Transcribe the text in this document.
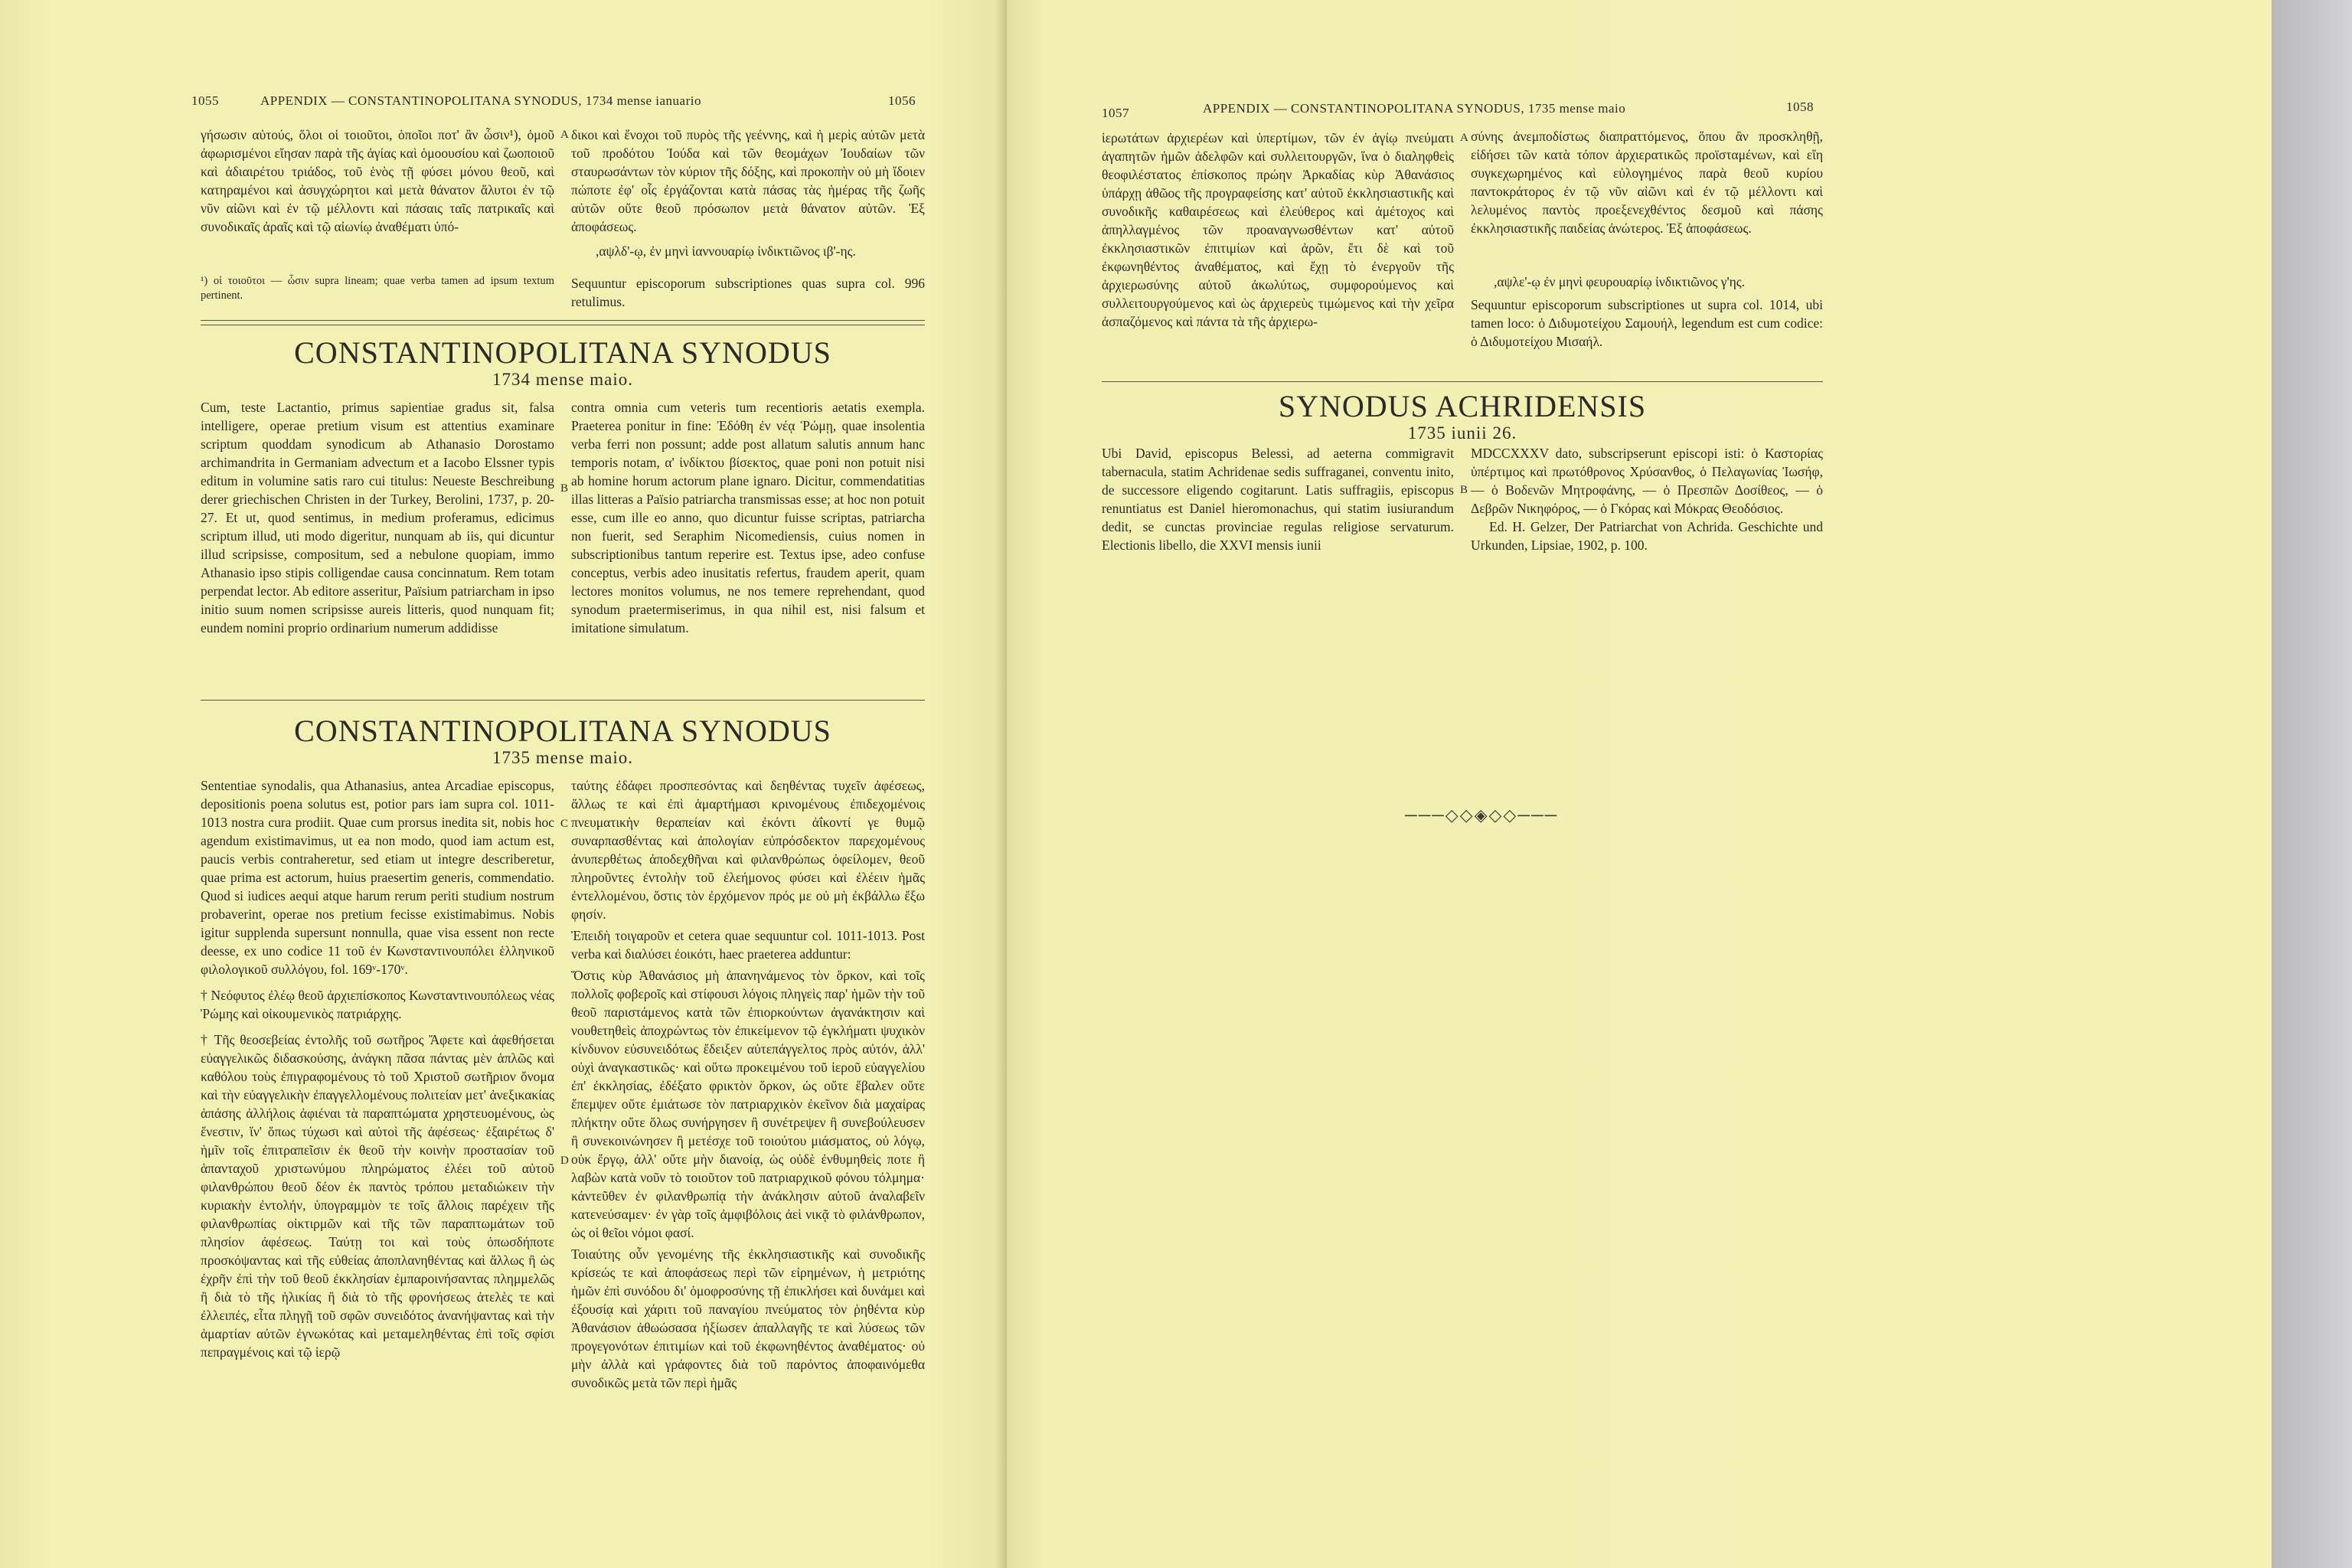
1055	APPENDIX — CONSTANTINOPOLITANA SYNODUS, 1734 mense ianuario	1056
γήσωσιν αὐτούς, ὅλοι οἱ τοιοῦτοι, ὁποῖοι ποτ' ἂν ὦσιν¹), ὁμοῦ ἀφωρισμένοι εἴησαν παρὰ τῆς ἁγίας καὶ ὁμοουσίου καὶ ζωοποιοῦ καὶ ἀδιαιρέτου τριάδος, τοῦ ἑνὸς τῇ φύσει μόνου θεοῦ, καὶ κατηραμένοι καὶ ἀσυγχώρητοι καὶ μετὰ θάνατον ἄλυτοι ἐν τῷ νῦν αἰῶνι καὶ ἐν τῷ μέλλοντι καὶ πάσαις ταῖς πατρικαῖς καὶ συνοδικαῖς ἀραῖς καὶ τῷ αἰωνίῳ ἀναθέματι ὑπό-
¹) οἱ τοιοῦτοι — ὦσιν supra lineam; quae verba tamen ad ipsum textum pertinent.
A δικοι καὶ ἔνοχοι τοῦ πυρὸς τῆς γεέννης, καὶ ἡ μερὶς αὐτῶν μετὰ τοῦ προδότου Ἰούδα καὶ τῶν θεομάχων Ἰουδαίων τῶν σταυρωσάντων τὸν κύριον τῆς δόξης, καὶ προκοπὴν οὐ μὴ ἴδοιεν πώποτε ἐφ' οἷς ἐργάζονται κατὰ πάσας τὰς ἡμέρας τῆς ζωῆς αὐτῶν οὔτε θεοῦ πρόσωπον μετὰ θάνατον αὐτῶν. Ἐξ ἀποφάσεως.
,αψλδ'-ῳ, ἐν μηνὶ ἰαννουαρίῳ ἰνδικτιῶνος ιβ'-ης.
Sequuntur episcoporum subscriptiones quas supra col. 996 retulimus.
CONSTANTINOPOLITANA SYNODUS
1734 mense maio.
Cum, teste Lactantio, primus sapientiae gradus sit, falsa intelligere, operae pretium visum est attentius examinare scriptum quoddam synodicum ab Athanasio Dorostamo archimandrita in Germaniam advectum et a Iacobo Elssner typis editum in volumine satis raro cui titulus: Neueste Beschreibung derer griechischen Christen in der Turkey, Berolini, 1737, p. 20-27. Et ut, quod sentimus, in medium proferamus, edicimus scriptum illud, uti modo digeritur, nunquam ab iis, qui dicuntur illud scripsisse, compositum, sed a nebulone quopiam, immo Athanasio ipso stipis colligendae causa concinnatum. Rem totam perpendat lector. Ab editore asseritur, Païsium patriarcham in ipso initio suum nomen scripsisse aureis litteris, quod nunquam fit; eundem nomini proprio ordinarium numerum addidisse
B
contra omnia cum veteris tum recentioris aetatis exempla. Praeterea ponitur in fine: Ἐδόθη ἐν νέᾳ Ῥώμῃ, quae insolentia verba ferri non possunt; adde post allatum salutis annum hanc temporis notam, α' ἰνδίκτου βίσεκτος, quae poni non potuit nisi ab homine horum actorum plane ignaro. Dicitur, commendatitias illas litteras a Païsio patriarcha transmissas esse; at hoc non potuit esse, cum ille eo anno, quo dicuntur fuisse scriptas, patriarcha non fuerit, sed Seraphim Nicomediensis, cuius nomen in subscriptionibus tantum reperire est. Textus ipse, adeo confuse conceptus, verbis adeo inusitatis refertus, fraudem aperit, quam lectores monitos volumus, ne nos temere reprehendant, quod synodum praetermiserimus, in qua nihil est, nisi falsum et imitatione simulatum.
CONSTANTINOPOLITANA SYNODUS
1735 mense maio.

Sententiae synodalis, qua Athanasius, antea Arcadiae episcopus, depositionis poena solutus est, potior pars iam supra col. 1011-1013 nostra cura prodiit. Quae cum prorsus inedita sit, nobis hoc agendum existimavimus, ut ea non modo, quod iam actum est, paucis verbis contraheretur, sed etiam ut integre describeretur, quae prima est actorum, huius praesertim generis, commendatio. Quod si iudices aequi atque harum rerum periti studium nostrum probaverint, operae nos pretium fecisse existimabimus. Nobis igitur supplenda supersunt nonnulla, quae visa essent non recte deesse, ex uno codice 11 τοῦ ἐν Κωνσταντινουπόλει ἑλληνικοῦ φιλολογικοῦ συλλόγου, fol. 169ᵛ-170ᵛ.

† Νεόφυτος ἐλέῳ θεοῦ ἀρχιεπίσκοπος Κωνσταντινουπόλεως νέας Ῥώμης καὶ οἰκουμενικὸς πατριάρχης.

† Τῆς θεοσεβείας ἐντολῆς τοῦ σωτῆρος Ἄφετε καὶ ἀφεθήσεται εὐαγγελικῶς διδασκούσης, ἀνάγκη πᾶσα πάντας μὲν ἁπλῶς καὶ καθόλου τοὺς ἐπιγραφομένους τὸ τοῦ Χριστοῦ σωτῆριον ὄνομα καὶ τὴν εὐαγγελικὴν ἐπαγγελλομένους πολιτείαν μετ' ἀνεξικακίας ἁπάσης ἀλλήλοις ἀφιέναι τὰ παραπτώματα χρηστευομένους, ὡς ἔνεστιν, ἵν' ὅπως τύχωσι καὶ αὐτοὶ τῆς ἀφέσεως· ἐξαιρέτως δ' ἡμῖν τοῖς ἐπιτραπεῖσιν ἐκ θεοῦ τὴν κοινὴν προστασίαν τοῦ ἁπανταχοῦ χριστωνύμου πληρώματος ἐλέει τοῦ αὐτοῦ φιλανθρώπου θεοῦ δέον ἐκ παντὸς τρόπου μεταδιώκειν τὴν κυριακὴν ἐντολήν, ὑπογραμμὸν τε τοῖς ἄλλοις παρέχειν τῆς φιλανθρωπίας οἰκτιρμῶν καὶ τῆς τῶν παραπτωμάτων τοῦ πλησίον ἀφέσεως. Ταύτῃ τοι καὶ τοὺς ὁπωσδήποτε προσκόψαντας καὶ τῆς εὐθείας ἀποπλανηθέντας καὶ ἄλλως ἢ ὡς ἐχρῆν ἐπὶ τὴν τοῦ θεοῦ ἐκκλησίαν ἐμπαροινήσαντας πλημμελῶς ἢ διὰ τὸ τῆς ἡλικίας ἢ διὰ τὸ τῆς φρονήσεως ἀτελὲς τε καὶ ἐλλειπές, εἶτα πληγῇ τοῦ σφῶν συνειδότος ἀνανήψαντας καὶ τὴν ἁμαρτίαν αὐτῶν ἐγνωκότας καὶ μεταμεληθέντας ἐπὶ τοῖς σφίσι πεπραγμένοις καὶ τῷ ἱερῷ

C
D

ταύτης ἐδάφει προσπεσόντας καὶ δεηθέντας τυχεῖν ἀφέσεως, ἄλλως τε καὶ ἐπὶ ἁμαρτήμασι κρινομένους ἐπιδεχομένοις πνευματικὴν θεραπείαν καὶ ἐκόντι ἀΐκοντί γε θυμῷ συναρπασθέντας καὶ ἀπολογίαν εὐπρόσδεκτον παρεχομένους ἀνυπερθέτως ἀποδεχθῆναι καὶ φιλανθρώπως ὀφείλομεν, θεοῦ πληροῦντες ἐντολὴν τοῦ ἐλεήμονος φύσει καὶ ἐλέειν ἡμᾶς ἐντελλομένου, ὅστις τὸν ἐρχόμενον πρός με οὐ μὴ ἐκβάλλω ἔξω φησίν.

Ἐπειδὴ τοιγαροῦν et cetera quae sequuntur col. 1011-1013. Post verba καὶ διαλύσει ἐοικότι, haec praeterea adduntur:

Ὅστις κὺρ Ἀθανάσιος μὴ ἀπανηνάμενος τὸν ὅρκον, καὶ τοῖς πολλοῖς φοβεροῖς καὶ στίφουσι λόγοις πληγεὶς παρ' ἡμῶν τὴν τοῦ θεοῦ παριστάμενος κατὰ τῶν ἐπιορκούντων ἀγανάκτησιν καὶ νουθετηθεὶς ἀποχρώντως τὸν ἐπικείμενον τῷ ἐγκλήματι ψυχικὸν κίνδυνον εὐσυνειδότως ἔδειξεν αὐτεπάγγελτος πρὸς αὐτόν, ἀλλ' οὐχὶ ἀναγκαστικῶς· καὶ οὕτω προκειμένου τοῦ ἱεροῦ εὐαγγελίου ἐπ' ἐκκλησίας, ἐδέξατο φρικτὸν ὅρκον, ὡς οὔτε ἔβαλεν οὔτε ἔπεμψεν οὔτε ἐμιάτωσε τὸν πατριαρχικὸν ἐκεῖνον διὰ μαχαίρας πλήκτην οὔτε ὅλως συνήργησεν ἢ συνέτρεψεν ἢ συνεβούλευσεν ἢ συνεκοινώνησεν ἢ μετέσχε τοῦ τοιούτου μιάσματος, οὐ λόγῳ, οὐκ ἔργῳ, ἀλλ' οὔτε μὴν διανοίᾳ, ὡς οὐδὲ ἐνθυμηθεὶς ποτε ἢ λαβὼν κατὰ νοῦν τὸ τοιοῦτον τοῦ πατριαρχικοῦ φόνου τόλμημα· κάντεῦθεν ἐν φιλανθρωπίᾳ τὴν ἀνάκλησιν αὐτοῦ ἀναλαβεῖν κατενεύσαμεν· ἐν γὰρ τοῖς ἀμφιβόλοις ἀεὶ νικᾷ τὸ φιλάνθρωπον, ὡς οἱ θεῖοι νόμοι φασί.

Τοιαύτης οὖν γενομένης τῆς ἐκκλησιαστικῆς καὶ συνοδικῆς κρίσεώς τε καὶ ἀποφάσεως περὶ τῶν εἰρημένων, ἡ μετριότης ἡμῶν ἐπὶ συνόδου δι' ὁμοφροσύνης τῇ ἐπικλήσει καὶ δυνάμει καὶ ἐξουσίᾳ καὶ χάριτι τοῦ παναγίου πνεύματος τὸν ῥηθέντα κὺρ Ἀθανάσιον ἀθωώσασα ἠξίωσεν ἀπαλλαγῆς τε καὶ λύσεως τῶν προγεγονότων ἐπιτιμίων καὶ τοῦ ἐκφωνηθέντος ἀναθέματος· οὐ μὴν ἀλλὰ καὶ γράφοντες διὰ τοῦ παρόντος ἀποφαινόμεθα συνοδικῶς μετὰ τῶν περὶ ἡμᾶς

1057	APPENDIX — CONSTANTINOPOLITANA SYNODUS, 1735 mense maio	1058
ἱερωτάτων ἀρχιερέων καὶ ὑπερτίμων, τῶν ἐν ἁγίῳ πνεύματι ἀγαπητῶν ἡμῶν ἀδελφῶν καὶ συλλειτουργῶν, ἵνα ὁ διαληφθεὶς θεοφιλέστατος ἐπίσκοπος πρώην Ἀρκαδίας κὺρ Ἀθανάσιος ὑπάρχῃ ἀθῶος τῆς προγραφείσης κατ' αὐτοῦ ἐκκλησιαστικῆς καὶ συνοδικῆς καθαιρέσεως καὶ ἐλεύθερος καὶ ἀμέτοχος καὶ ἀπηλλαγμένος τῶν προαναγνωσθέντων κατ' αὐτοῦ ἐκκλησιαστικῶν ἐπιτιμίων καὶ ἀρῶν, ἔτι δὲ καὶ τοῦ ἐκφωνηθέντος ἀναθέματος, καὶ ἔχῃ τὸ ἐνεργοῦν τῆς ἀρχιερωσύνης αὐτοῦ ἀκωλύτως, συμφορούμενος καὶ συλλειτουργούμενος καὶ ὡς ἀρχιερεὺς τιμώμενος καὶ τὴν χεῖρα ἀσπαζόμενος καὶ πάντα τὰ τῆς ἀρχιερω-
A σύνης ἀνεμποδίστως διαπραττόμενος, ὅπου ἂν προσκληθῇ, εἰδήσει τῶν κατὰ τόπον ἀρχιερατικῶς προϊσταμένων, καὶ εἴη συγκεχωρημένος καὶ εὐλογημένος παρὰ θεοῦ κυρίου παντοκράτορος ἐν τῷ νῦν αἰῶνι καὶ ἐν τῷ μέλλοντι καὶ λελυμένος παντὸς προεξενεχθέντος δεσμοῦ καὶ πάσης ἐκκλησιαστικῆς παιδείας ἀνώτερος. Ἐξ ἀποφάσεως.
,αψλε'-ῳ ἐν μηνὶ φευρουαρίῳ ἰνδικτιῶνος γ'ης.
Sequuntur episcoporum subscriptiones ut supra col. 1014, ubi tamen loco: ὁ Διδυμοτείχου Σαμουήλ, legendum est cum codice: ὁ Διδυμοτείχου Μισαήλ.
SYNODUS ACHRIDENSIS
1735 iunii 26.
Ubi David, episcopus Belessi, ad aeterna commigravit tabernacula, statim Achridenae sedis suffraganei, conventu inito, de successore eligendo cogitarunt. Latis suffragiis, episcopus renuntiatus est Daniel hieromonachus, qui statim iusiurandum dedit, se cunctas provinciae regulas religiose servaturum. Electionis libello, die XXVI mensis iunii
B

MDCCXXXV dato, subscripserunt episcopi isti: ὁ Καστορίας ὑπέρτιμος καὶ πρωτόθρονος Χρύσανθος, ὁ Πελαγωνίας Ἰωσήφ, — ὁ Βοδενῶν Μητροφάνης, — ὁ Πρεσπῶν Δοσίθεος, — ὁ Δεβρῶν Νικηφόρος, — ὁ Γκόρας καὶ Μόκρας Θεοδόσιος.

Ed. H. Gelzer, Der Patriarchat von Achrida. Geschichte und Urkunden, Lipsiae, 1902, p. 100.

───◇◇◈◇◇───
